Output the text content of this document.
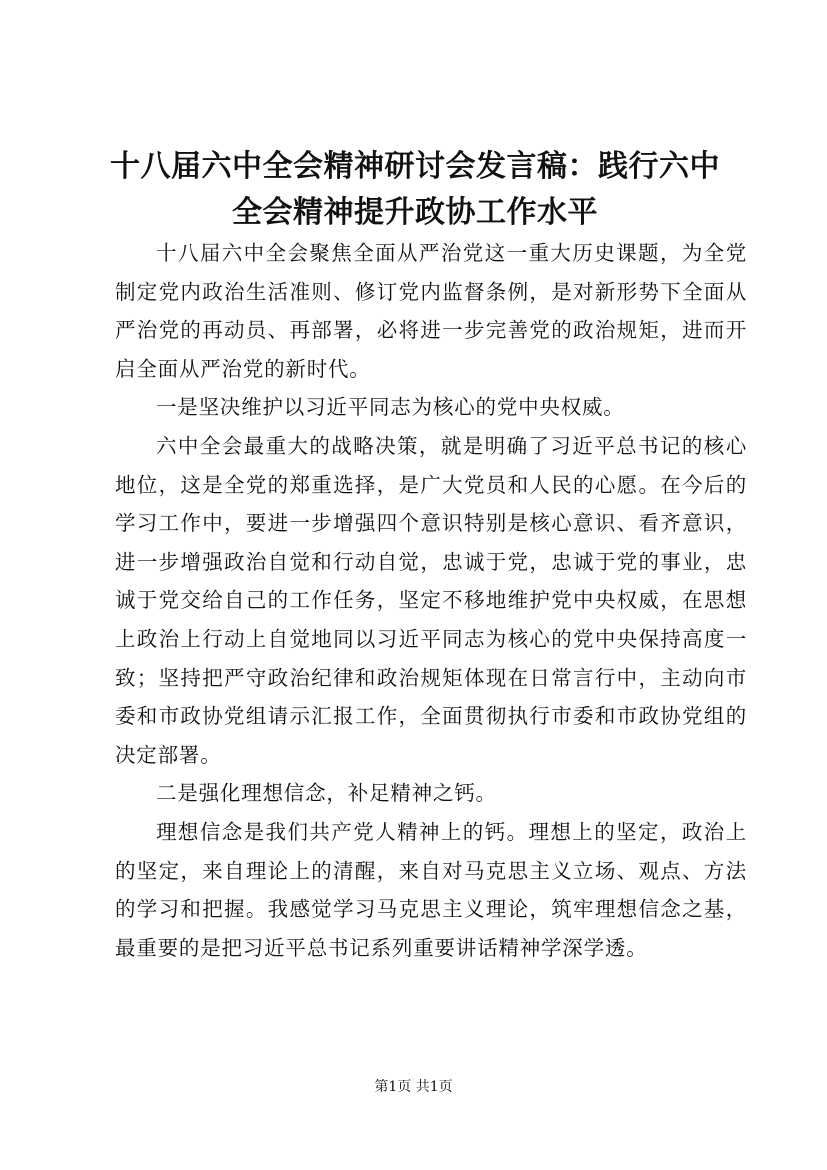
十八届六中全会精神研讨会发言稿：践行六中
全会精神提升政协工作水平

十八届六中全会聚焦全面从严治党这一重大历史课题，为全党制定党内政治生活准则、修订党内监督条例，是对新形势下全面从严治党的再动员、再部署，必将进一步完善党的政治规矩，进而开启全面从严治党的新时代。

一是坚决维护以习近平同志为核心的党中央权威。

六中全会最重大的战略决策，就是明确了习近平总书记的核心地位，这是全党的郑重选择，是广大党员和人民的心愿。在今后的学习工作中，要进一步增强四个意识特别是核心意识、看齐意识，进一步增强政治自觉和行动自觉，忠诚于党，忠诚于党的事业，忠诚于党交给自己的工作任务，坚定不移地维护党中央权威，在思想上政治上行动上自觉地同以习近平同志为核心的党中央保持高度一致；坚持把严守政治纪律和政治规矩体现在日常言行中，主动向市委和市政协党组请示汇报工作，全面贯彻执行市委和市政协党组的决定部署。

二是强化理想信念，补足精神之钙。

理想信念是我们共产党人精神上的钙。理想上的坚定，政治上的坚定，来自理论上的清醒，来自对马克思主义立场、观点、方法的学习和把握。我感觉学习马克思主义理论，筑牢理想信念之基，最重要的是把习近平总书记系列重要讲话精神学深学透。

第1页 共1页
